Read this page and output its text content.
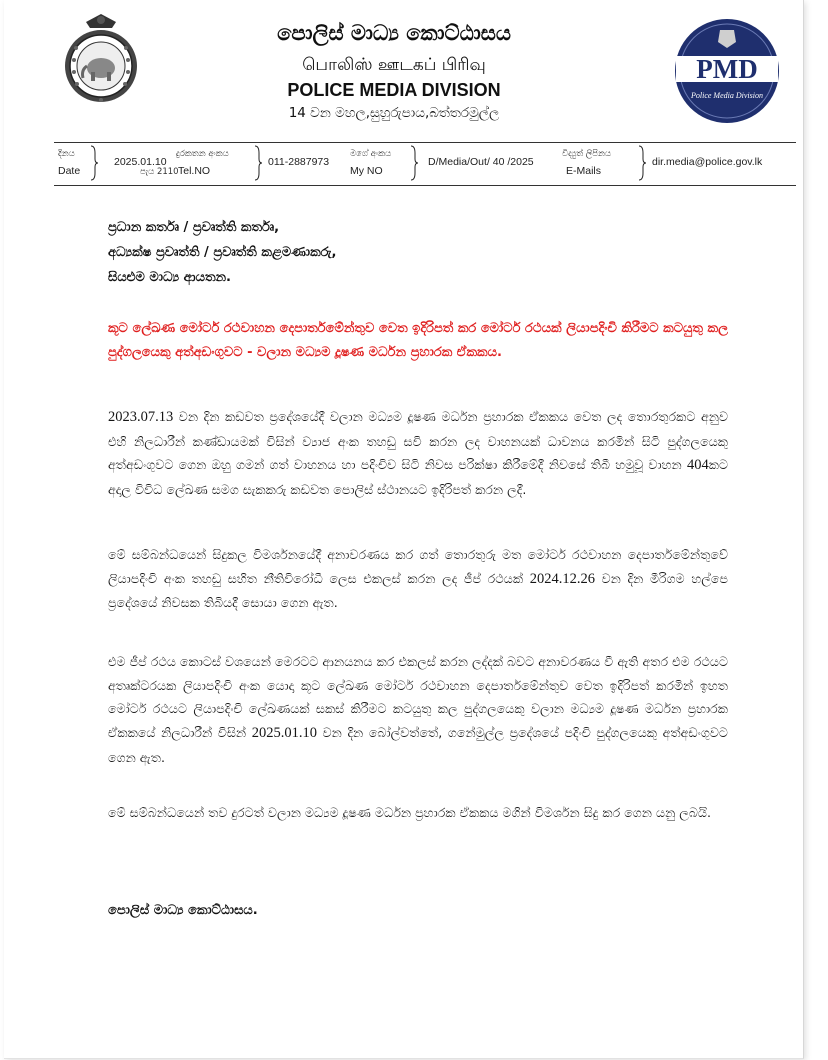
පොලිස් මාධ්‍ය කොට්ඨාසය
பொலிஸ் ஊடகப் பிரிவு
POLICE MEDIA DIVISION
14 වන මහල,සුහුරුපාය,බත්තරමුල්ල
PMD
Police Media Division
දිනය
Date
2025.01.10
දුරකතන අංකය
පැය 2110 Tel.NO
011-2887973
මගේ අංකය
My NO
D/Media/Out/ 40 /2025
විද්‍යුත් ලිපිනය
E-Mails
dir.media@police.gov.lk
ප්‍රධාන කර්තෘ / ප්‍රවෘත්ති කර්තෘ,
අධ්‍යක්ෂ ප්‍රවෘත්ති / ප්‍රවෘත්ති කළමණාකරු,
සියළුම මාධ්‍ය ආයතන.
කූට ලේඛණ මෝටර් රථවාහන දෙපාර්තමේන්තුව වෙත ඉදිරිපත් කර මෝටර් රථයක් ලියාපදිංචි කිරීමට කටයුතු කල පුද්ගලයෙකු අත්අඩංගුවට - වලාන මධ්‍යම දූෂණ මර්ධන ප්‍රහාරක ඒකකය.
2023.07.13 වන දින කඩවත ප්‍රදේශයේදී වලාන මධ්‍යම දූෂණ මර්ධන ප්‍රහාරක ඒකකය වෙත ලද තොරතුරකට අනුව එහි නිලධාරීන් කණ්ඩායමක් විසින් ව්‍යාජ අංක තහඩු සවි කරන ලද වාහනයක් ධාවනය කරමින් සිටි පුද්ගලයෙකු අත්අඩංගුවට ගෙන ඔහු ගමන් ගත් වාහනය හා පදිංචිව සිටි නිවස පරික්ෂා කිරීමේදී නිවසේ තිබී හමුවූ වාහන 404කට අදාල විවිධ ලේඛණ සමග සැකකරු කඩවත පොලිස් ස්ථානයට ඉදිරිපත් කරන ලදී.
මේ සම්බන්ධයෙන් සිදුකල විමර්ශනයේදී අනාවරණය කර ගත් තොරතුරු මත මෝටර් රථවාහන දෙපාර්තමේන්තුවේ ලියාපදිංචි අංක තහඩු සහිත නීතිවිරෝධී ලෙස එකලස් කරන ලද ජීප් රථයක් 2024.12.26 වන දින මීරිගම හල්පෙ ප්‍රදේශයේ නිවසක තිබියදී සොයා ගෙන ඇත.
එම ජීප් රථය කොටස් වශයෙන් මෙරටට ආනයනය කර එකලස් කරන ලද්දක් බවට අනාවරණය වී ඇති අතර එම රථයට අත්‍රුක්ටරයක ලියාපදිංචි අංක යොදා කූට ලේඛණ මෝටර් රථවාහන දෙපාර්තමේන්තුව වෙත ඉදිරිපත් කරමින් ඉහත මෝටර් රථයට ලියාපදිංචි ලේඛණයක් සකස් කිරීමට කටයුතු කල පුද්ගලයෙකු වලාන මධ්‍යම දූෂණ මර්ධන ප්‍රහාරක ඒකකයේ නිලධාරීන් විසින් 2025.01.10 වන දින බෝල්වත්තේ, ගනේමුල්ල ප්‍රදේශයේ පදිංචි පුද්ගලයෙකු අත්අඩංගුවට ගෙන ඇත.
මේ සම්බන්ධයෙන් තව දුරටත් වලාන මධ්‍යම දූෂණ මර්ධන ප්‍රහාරක ඒකකය මගින් විමර්ශන සිදු කර ගෙන යනු ලබයි.
පොලිස් මාධ්‍ය කොට්ඨාසය.
